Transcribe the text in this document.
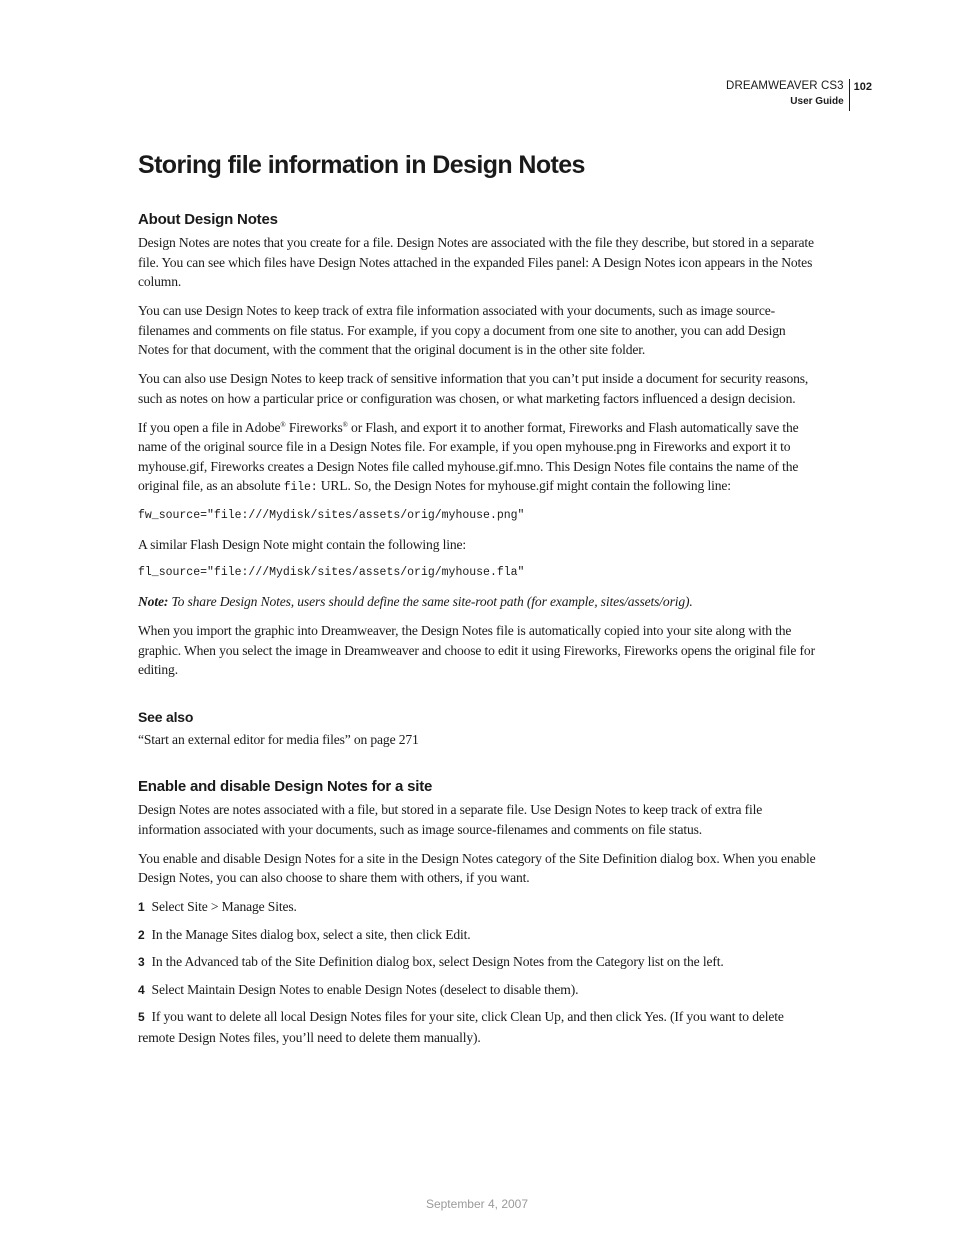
DREAMWEAVER CS3
User Guide
102
Storing file information in Design Notes
About Design Notes

Design Notes are notes that you create for a file. Design Notes are associated with the file they describe, but stored in a separate file. You can see which files have Design Notes attached in the expanded Files panel: A Design Notes icon appears in the Notes column.

You can use Design Notes to keep track of extra file information associated with your documents, such as image source-filenames and comments on file status. For example, if you copy a document from one site to another, you can add Design Notes for that document, with the comment that the original document is in the other site folder.

You can also use Design Notes to keep track of sensitive information that you can’t put inside a document for security reasons, such as notes on how a particular price or configuration was chosen, or what marketing factors influenced a design decision.

If you open a file in Adobe® Fireworks® or Flash, and export it to another format, Fireworks and Flash automatically save the name of the original source file in a Design Notes file. For example, if you open myhouse.png in Fireworks and export it to myhouse.gif, Fireworks creates a Design Notes file called myhouse.gif.mno. This Design Notes file contains the name of the original file, as an absolute file: URL. So, the Design Notes for myhouse.gif might contain the following line:

fw_source="file:///Mydisk/sites/assets/orig/myhouse.png"

A similar Flash Design Note might contain the following line:

fl_source="file:///Mydisk/sites/assets/orig/myhouse.fla"

Note: To share Design Notes, users should define the same site-root path (for example, sites/assets/orig).

When you import the graphic into Dreamweaver, the Design Notes file is automatically copied into your site along with the graphic. When you select the image in Dreamweaver and choose to edit it using Fireworks, Fireworks opens the original file for editing.

See also

“Start an external editor for media files” on page 271

Enable and disable Design Notes for a site

Design Notes are notes associated with a file, but stored in a separate file. Use Design Notes to keep track of extra file information associated with your documents, such as image source-filenames and comments on file status.

You enable and disable Design Notes for a site in the Design Notes category of the Site Definition dialog box. When you enable Design Notes, you can also choose to share them with others, if you want.

1 Select Site > Manage Sites.
2 In the Manage Sites dialog box, select a site, then click Edit.
3 In the Advanced tab of the Site Definition dialog box, select Design Notes from the Category list on the left.
4 Select Maintain Design Notes to enable Design Notes (deselect to disable them).
5 If you want to delete all local Design Notes files for your site, click Clean Up, and then click Yes. (If you want to delete remote Design Notes files, you’ll need to delete them manually).
September 4, 2007
